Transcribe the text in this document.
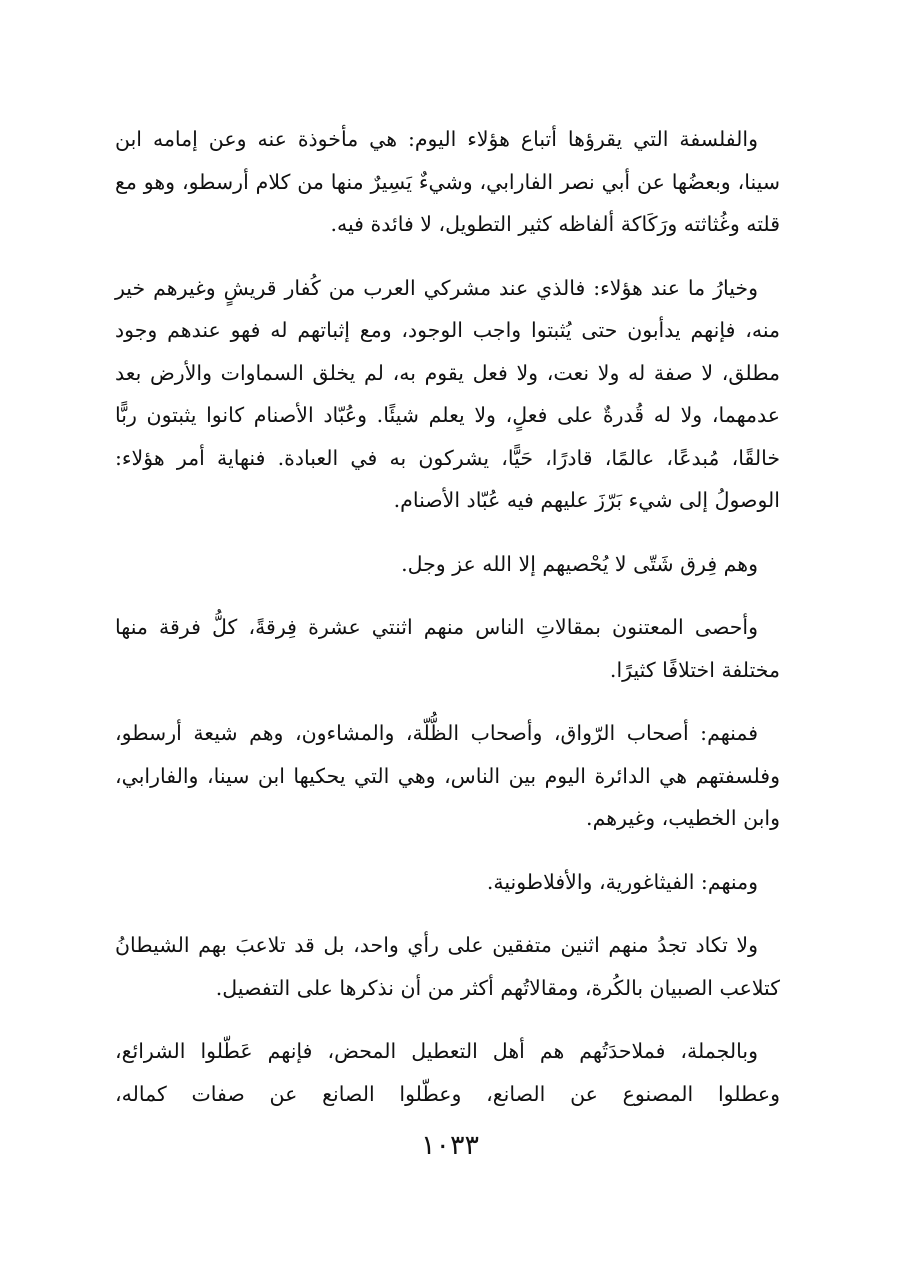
والفلسفة التي يقرؤها أتباع هؤلاء اليوم: هي مأخوذة عنه وعن إمامه ابن سينا، وبعضُها عن أبي نصر الفارابي، وشيءٌ يَسِيرٌ منها من كلام أرسطو، وهو مع قلته وغُثاثته ورَكَاكة ألفاظه كثير التطويل، لا فائدة فيه.

وخيارُ ما عند هؤلاء: فالذي عند مشركي العرب من كُفار قريشٍ وغيرهم خير منه، فإنهم يدأبون حتى يُثبتوا واجب الوجود، ومع إثباتهم له فهو عندهم وجود مطلق، لا صفة له ولا نعت، ولا فعل يقوم به، لم يخلق السماوات والأرض بعد عدمهما، ولا له قُدرةٌ على فعلٍ، ولا يعلم شيئًا. وعُبّاد الأصنام كانوا يثبتون ربًّا خالقًا، مُبدعًا، عالمًا، قادرًا، حَيًّا، يشركون به في العبادة. فنهاية أمر هؤلاء: الوصولُ إلى شيء بَرّزَ عليهم فيه عُبّاد الأصنام.

وهم فِرق شَتّى لا يُحْصيهم إلا الله عز وجل.

وأحصى المعتنون بمقالاتِ الناس منهم اثنتي عشرة فِرقةً، كلُّ فرقة منها مختلفة اختلافًا كثيرًا.

فمنهم: أصحاب الرّواق، وأصحاب الظُّلّة، والمشاءون، وهم شيعة أرسطو، وفلسفتهم هي الدائرة اليوم بين الناس، وهي التي يحكيها ابن سينا، والفارابي، وابن الخطيب، وغيرهم.

ومنهم: الفيثاغورية، والأفلاطونية.

ولا تكاد تجدُ منهم اثنين متفقين على رأي واحد، بل قد تلاعبَ بهم الشيطانُ كتلاعب الصبيان بالكُرة، ومقالاتُهم أكثر من أن نذكرها على التفصيل.

وبالجملة، فملاحدَتُهم هم أهل التعطيل المحض، فإنهم عَطّلوا الشرائع، وعطلوا المصنوع عن الصانع، وعطّلوا الصانع عن صفات كماله،

١٠٣٣
